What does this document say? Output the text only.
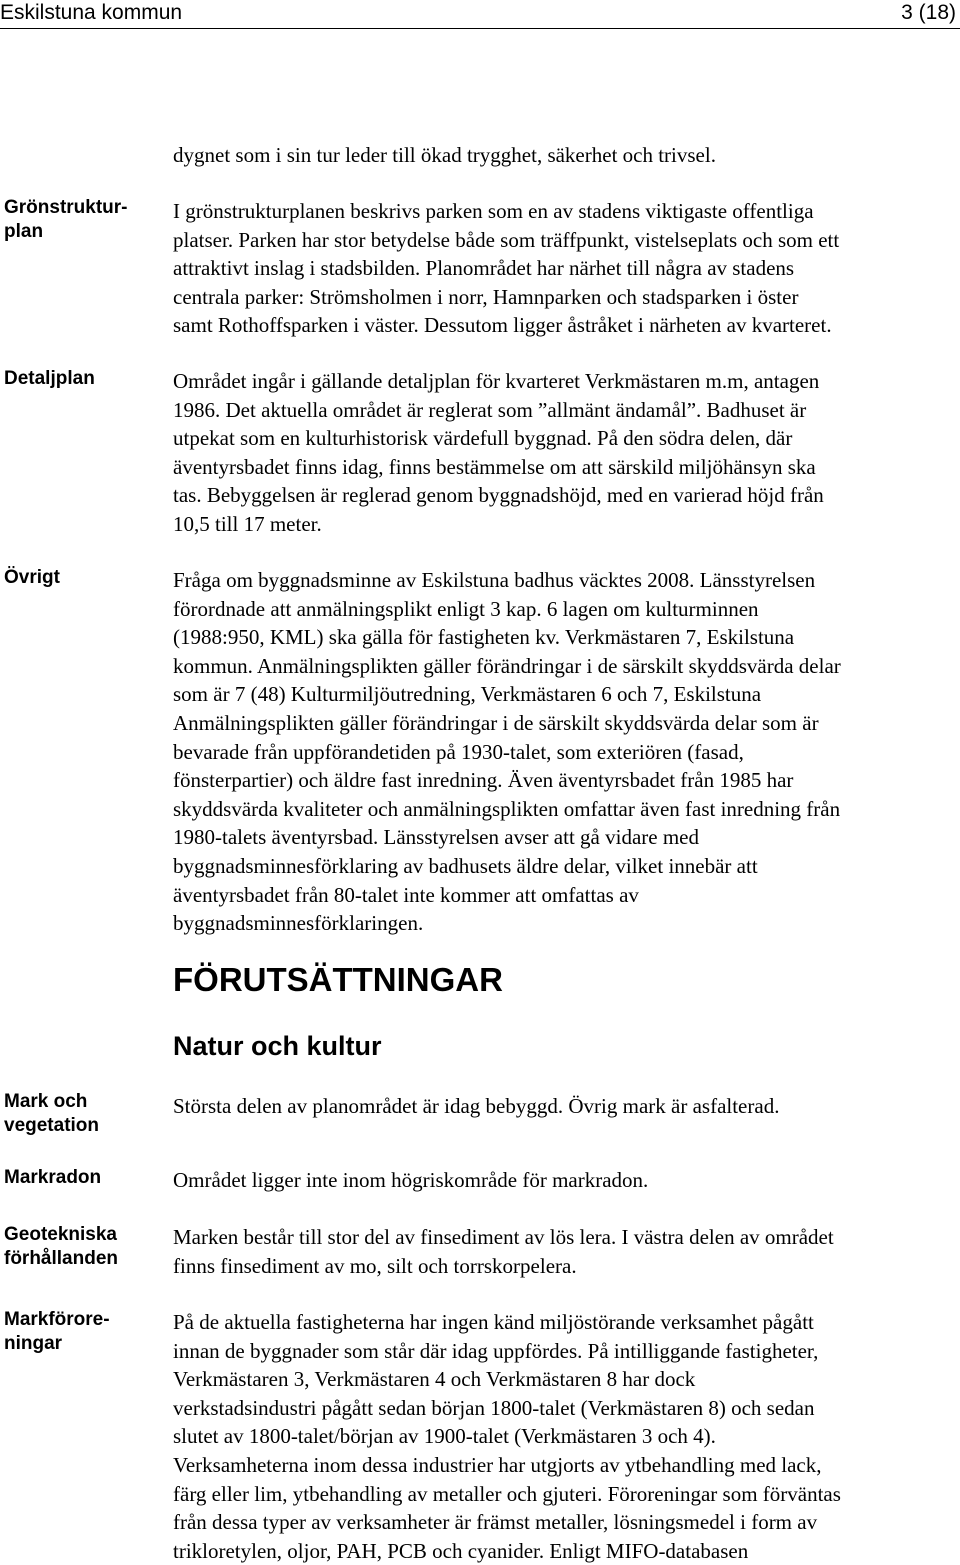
Eskilstuna kommun	3 (18)
Grönstruktur-
plan
Detaljplan
Övrigt
Mark och
vegetation
Markradon
Geotekniska
förhållanden
Markförore-
ningar
dygnet som i sin tur leder till ökad trygghet, säkerhet och trivsel.
I grönstrukturplanen beskrivs parken som en av stadens viktigaste offentliga
platser. Parken har stor betydelse både som träffpunkt, vistelseplats och som ett
attraktivt inslag i stadsbilden. Planområdet har närhet till några av stadens
centrala parker: Strömsholmen i norr, Hamnparken och stadsparken i öster
samt Rothoffsparken i väster. Dessutom ligger åstråket i närheten av kvarteret.
Området ingår i gällande detaljplan för kvarteret Verkmästaren m.m, antagen
1986. Det aktuella området är reglerat som ”allmänt ändamål”. Badhuset är
utpekat som en kulturhistorisk värdefull byggnad. På den södra delen, där
äventyrsbadet finns idag, finns bestämmelse om att särskild miljöhänsyn ska
tas. Bebyggelsen är reglerad genom byggnadshöjd, med en varierad höjd från
10,5 till 17 meter.
Fråga om byggnadsminne av Eskilstuna badhus väcktes 2008. Länsstyrelsen
förordnade att anmälningsplikt enligt 3 kap. 6 lagen om kulturminnen
(1988:950, KML) ska gälla för fastigheten kv. Verkmästaren 7, Eskilstuna
kommun. Anmälningsplikten gäller förändringar i de särskilt skyddsvärda delar
som är 7 (48) Kulturmiljöutredning, Verkmästaren 6 och 7, Eskilstuna
Anmälningsplikten gäller förändringar i de särskilt skyddsvärda delar som är
bevarade från uppförandetiden på 1930-talet, som exteriören (fasad,
fönsterpartier) och äldre fast inredning. Även äventyrsbadet från 1985 har
skyddsvärda kvaliteter och anmälningsplikten omfattar även fast inredning från
1980-talets äventyrsbad. Länsstyrelsen avser att gå vidare med
byggnadsminnesförklaring av badhusets äldre delar, vilket innebär att
äventyrsbadet från 80-talet inte kommer att omfattas av
byggnadsminnesförklaringen.
FÖRUTSÄTTNINGAR
Natur och kultur
Största delen av planområdet är idag bebyggd. Övrig mark är asfalterad.
Området ligger inte inom högriskområde för markradon.
Marken består till stor del av finsediment av lös lera. I västra delen av området
finns finsediment av mo, silt och torrskorpelera.
På de aktuella fastigheterna har ingen känd miljöstörande verksamhet pågått
innan de byggnader som står där idag uppfördes. På intilliggande fastigheter,
Verkmästaren 3, Verkmästaren 4 och Verkmästaren 8 har dock
verkstadsindustri pågått sedan början 1800-talet (Verkmästaren 8) och sedan
slutet av 1800-talet/början av 1900-talet (Verkmästaren 3 och 4).
Verksamheterna inom dessa industrier har utgjorts av ytbehandling med lack,
färg eller lim, ytbehandling av metaller och gjuteri. Föroreningar som förväntas
från dessa typer av verksamheter är främst metaller, lösningsmedel i form av
trikloretylen, oljor, PAH, PCB och cyanider. Enligt MIFO-databasen
